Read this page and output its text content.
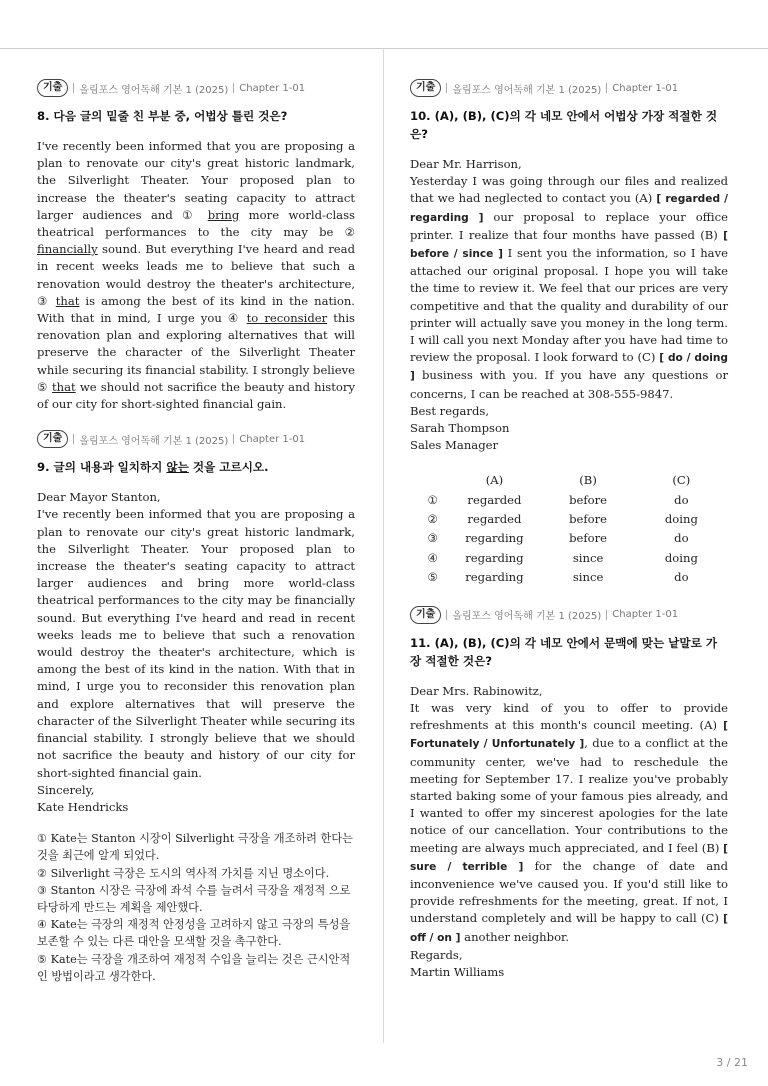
기출	올림포스 영어독해 기본 1 (2025) Chapter 1-01
8. 다음 글의 밑줄 친 부분 중, 어법상 틀린 것은?
I've recently been informed that you are proposing a plan to renovate our city's great historic landmark, the Silverlight Theater. Your proposed plan to increase the theater's seating capacity to attract larger audiences and ① bring more world-class theatrical performances to the city may be ② financially sound. But everything I've heard and read in recent weeks leads me to believe that such a renovation would destroy the theater's architecture, ③ that is among the best of its kind in the nation. With that in mind, I urge you ④ to reconsider this renovation plan and exploring alternatives that will preserve the character of the Silverlight Theater while securing its financial stability. I strongly believe ⑤ that we should not sacrifice the beauty and history of our city for short-sighted financial gain.
기출	올림포스 영어독해 기본 1 (2025) Chapter 1-01
9. 글의 내용과 일치하지 않는 것을 고르시오.

Dear Mayor Stanton,

I've recently been informed that you are proposing a plan to renovate our city's great historic landmark, the Silverlight Theater. Your proposed plan to increase the theater's seating capacity to attract larger audiences and bring more world-class theatrical performances to the city may be financially sound. But everything I've heard and read in recent weeks leads me to believe that such a renovation would destroy the theater's architecture, which is among the best of its kind in the nation. With that in mind, I urge you to reconsider this renovation plan and explore alternatives that will preserve the character of the Silverlight Theater while securing its financial stability. I strongly believe that we should not sacrifice the beauty and history of our city for short-sighted financial gain.

Sincerely,

Kate Hendricks

① Kate는 Stanton 시장이 Silverlight 극장을 개조하려 한다는 것을 최근에 알게 되었다.
② Silverlight 극장은 도시의 역사적 가치를 지닌 명소이다.
③ Stanton 시장은 극장에 좌석 수를 늘려서 극장을 재정적 으로 타당하게 만드는 계획을 제안했다.
④ Kate는 극장의 재정적 안정성을 고려하지 않고 극장의 특성을 보존할 수 있는 다른 대안을 모색할 것을 촉구한다.
⑤ Kate는 극장을 개조하여 재정적 수입을 늘리는 것은 근시안적인 방법이라고 생각한다.
기출	올림포스 영어독해 기본 1 (2025) Chapter 1-01
10. (A), (B), (C)의 각 네모 안에서 어법상 가장 적절한 것은?

Dear Mr. Harrison,

Yesterday I was going through our files and realized that we had neglected to contact you (A) [ regarded / regarding ] our proposal to replace your office printer. I realize that four months have passed (B) [ before / since ] I sent you the information, so I have attached our original proposal. I hope you will take the time to review it. We feel that our prices are very competitive and that the quality and durability of our printer will actually save you money in the long term. I will call you next Monday after you have had time to review the proposal. I look forward to (C) [ do / doing ] business with you. If you have any questions or concerns, I can be reached at 308-555-9847.

Best regards,

Sarah Thompson

Sales Manager

	(A)	(B)	(C)
①	regarded	before	do
②	regarded	before	doing
③	regarding	before	do
④	regarding	since	doing
⑤	regarding	since	do
기출	올림포스 영어독해 기본 1 (2025) Chapter 1-01
11. (A), (B), (C)의 각 네모 안에서 문맥에 맞는 낱말로 가장 적절한 것은?

Dear Mrs. Rabinowitz,

It was very kind of you to offer to provide refreshments at this month's council meeting. (A) [ Fortunately / Unfortunately ], due to a conflict at the community center, we've had to reschedule the meeting for September 17. I realize you've probably started baking some of your famous pies already, and I wanted to offer my sincerest apologies for the late notice of our cancellation. Your contributions to the meeting are always much appreciated, and I feel (B) [ sure / terrible ] for the change of date and inconvenience we've caused you. If you'd still like to provide refreshments for the meeting, great. If not, I understand completely and will be happy to call (C) [ off / on ] another neighbor.

Regards,

Martin Williams

3 / 21
